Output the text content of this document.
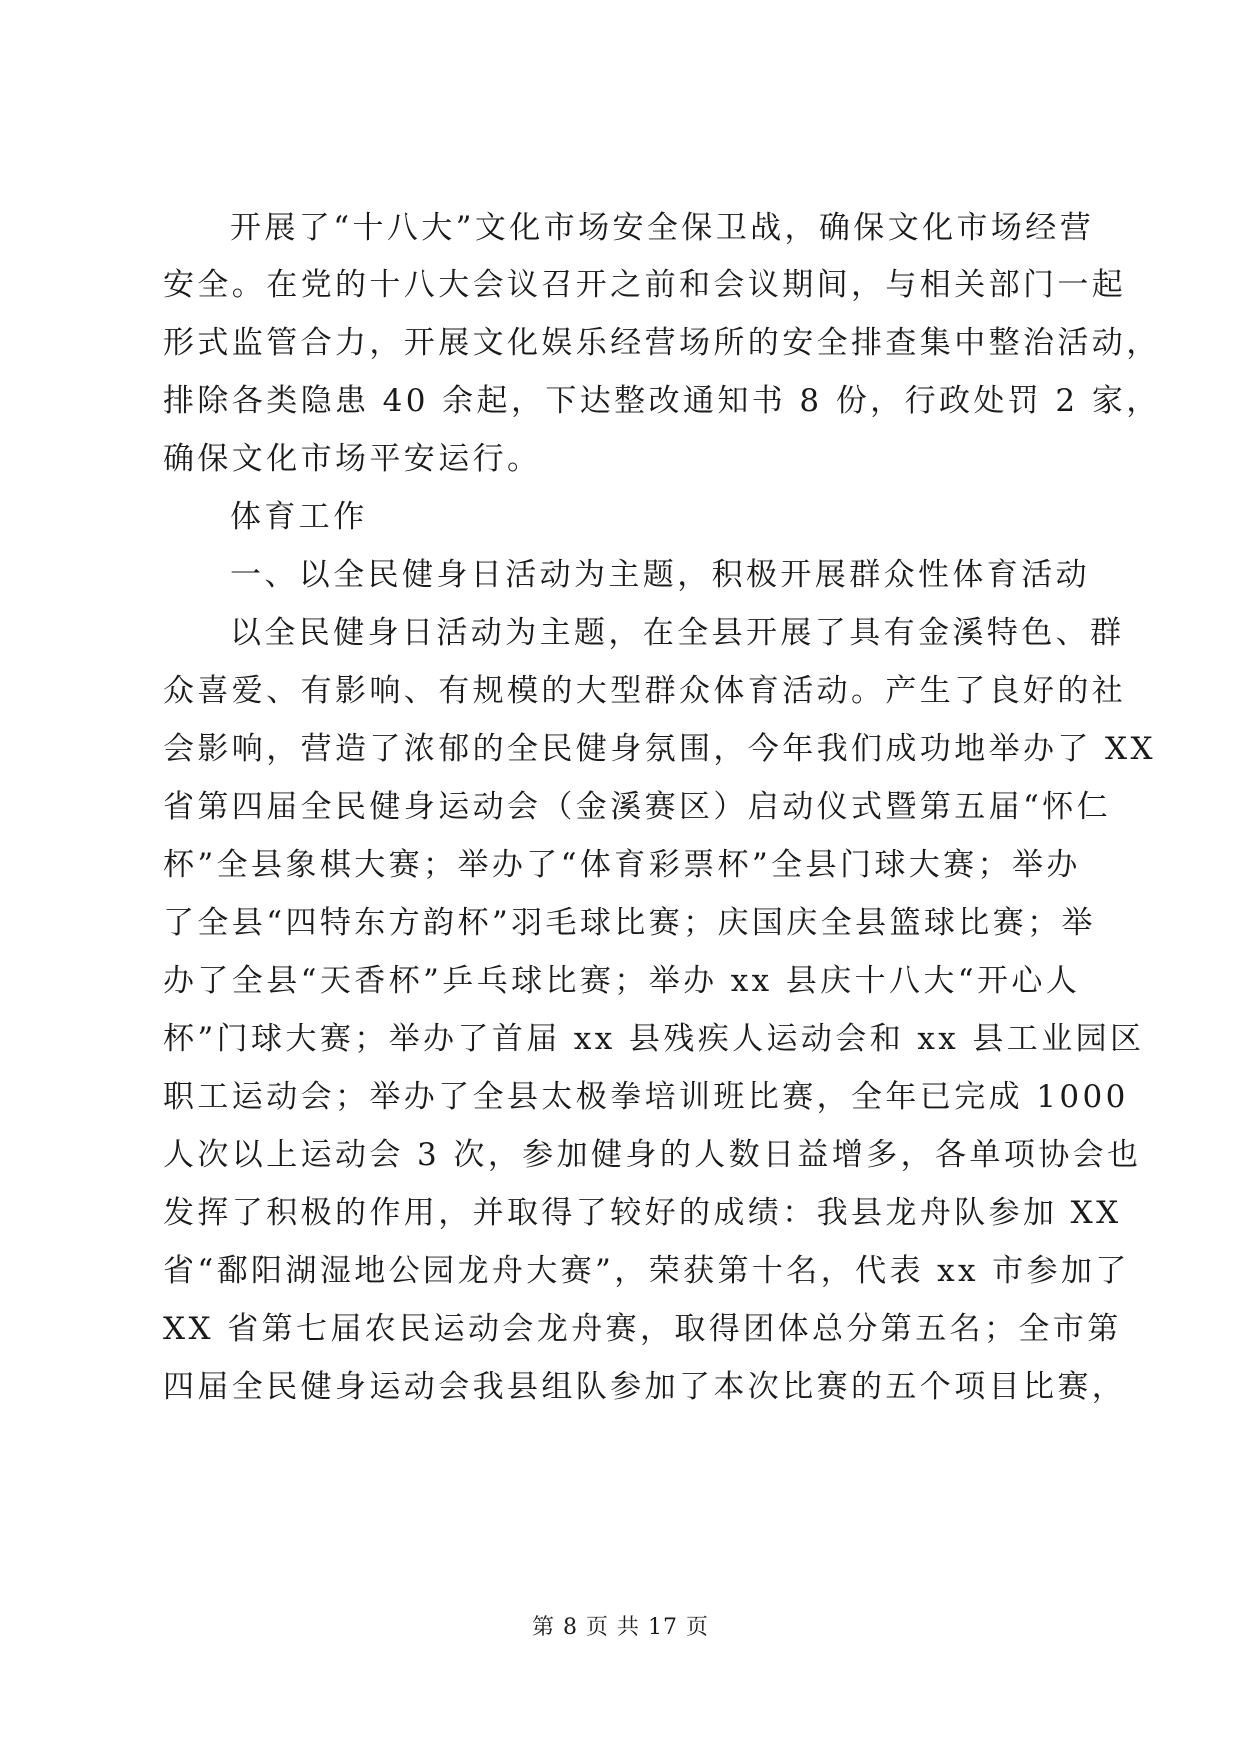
开展了“十八大”文化市场安全保卫战，确保文化市场经营
安全。在党的十八大会议召开之前和会议期间，与相关部门一起
形式监管合力，开展文化娱乐经营场所的安全排查集中整治活动，
排除各类隐患 40 余起，下达整改通知书 8 份，行政处罚 2 家，
确保文化市场平安运行。
体育工作
一、以全民健身日活动为主题，积极开展群众性体育活动
以全民健身日活动为主题，在全县开展了具有金溪特色、群
众喜爱、有影响、有规模的大型群众体育活动。产生了良好的社
会影响，营造了浓郁的全民健身氛围，今年我们成功地举办了 XX
省第四届全民健身运动会（金溪赛区）启动仪式暨第五届“怀仁
杯”全县象棋大赛；举办了“体育彩票杯”全县门球大赛；举办
了全县“四特东方韵杯”羽毛球比赛；庆国庆全县篮球比赛；举
办了全县“天香杯”乒乓球比赛；举办 xx 县庆十八大“开心人
杯”门球大赛；举办了首届 xx 县残疾人运动会和 xx 县工业园区
职工运动会；举办了全县太极拳培训班比赛，全年已完成 1000
人次以上运动会 3 次，参加健身的人数日益增多，各单项协会也
发挥了积极的作用，并取得了较好的成绩：我县龙舟队参加 XX
省“鄱阳湖湿地公园龙舟大赛”，荣获第十名，代表 xx 市参加了
XX 省第七届农民运动会龙舟赛，取得团体总分第五名；全市第
四届全民健身运动会我县组队参加了本次比赛的五个项目比赛，
第 8 页 共 17 页
